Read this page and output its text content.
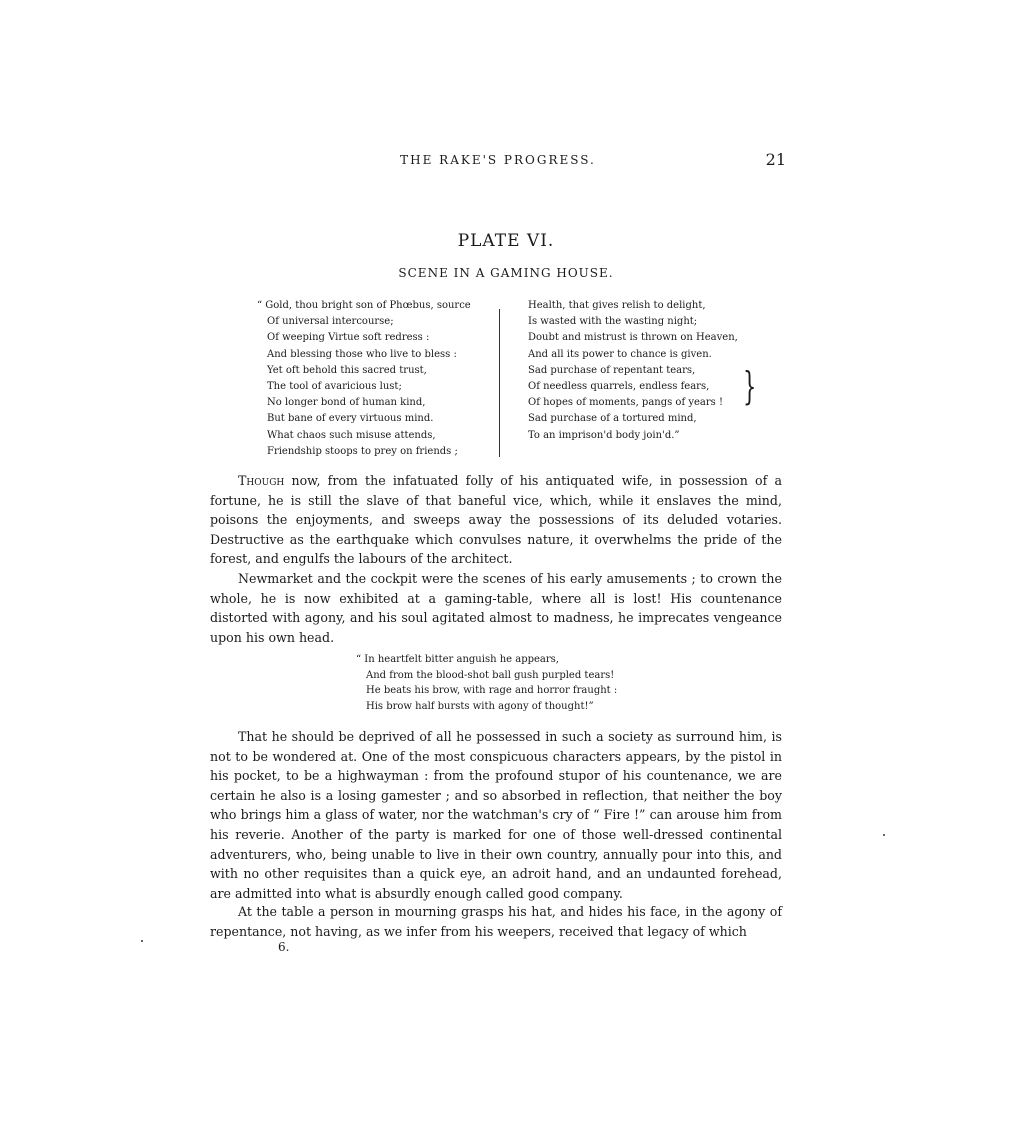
THE RAKE'S PROGRESS.	21
PLATE VI.
SCENE IN A GAMING HOUSE.
“ Gold, thou bright son of Phœbus, source
Of universal intercourse;
Of weeping Virtue soft redress :
And blessing those who live to bless :
Yet oft behold this sacred trust,
The tool of avaricious lust;
No longer bond of human kind,
But bane of every virtuous mind.
What chaos such misuse attends,
Friendship stoops to prey on friends ;
Health, that gives relish to delight,
Is wasted with the wasting night;
Doubt and mistrust is thrown on Heaven,
And all its power to chance is given.
Sad purchase of repentant tears,
Of needless quarrels, endless fears,
Of hopes of moments, pangs of years !
Sad purchase of a tortured mind,
To an imprison'd body join'd.”
}

Though now, from the infatuated folly of his antiquated wife, in possession of a fortune, he is still the slave of that baneful vice, which, while it enslaves the mind, poisons the enjoyments, and sweeps away the possessions of its deluded votaries. Destructive as the earthquake which convulses nature, it overwhelms the pride of the forest, and engulfs the labours of the architect.

Newmarket and the cockpit were the scenes of his early amusements ; to crown the whole, he is now exhibited at a gaming-table, where all is lost! His countenance distorted with agony, and his soul agitated almost to madness, he imprecates vengeance upon his own head.

“ In heartfelt bitter anguish he appears,
And from the blood-shot ball gush purpled tears!
He beats his brow, with rage and horror fraught :
His brow half bursts with agony of thought!”

That he should be deprived of all he possessed in such a society as surround him, is not to be wondered at. One of the most conspicuous characters appears, by the pistol in his pocket, to be a highwayman : from the profound stupor of his countenance, we are certain he also is a losing gamester ; and so absorbed in reflection, that neither the boy who brings him a glass of water, nor the watchman's cry of “ Fire !” can arouse him from his reverie. Another of the party is marked for one of those well-dressed continental adventurers, who, being unable to live in their own country, annually pour into this, and with no other requisites than a quick eye, an adroit hand, and an undaunted forehead, are admitted into what is absurdly enough called good company.

At the table a person in mourning grasps his hat, and hides his face, in the agony of repentance, not having, as we infer from his weepers, received that legacy of which

6.
